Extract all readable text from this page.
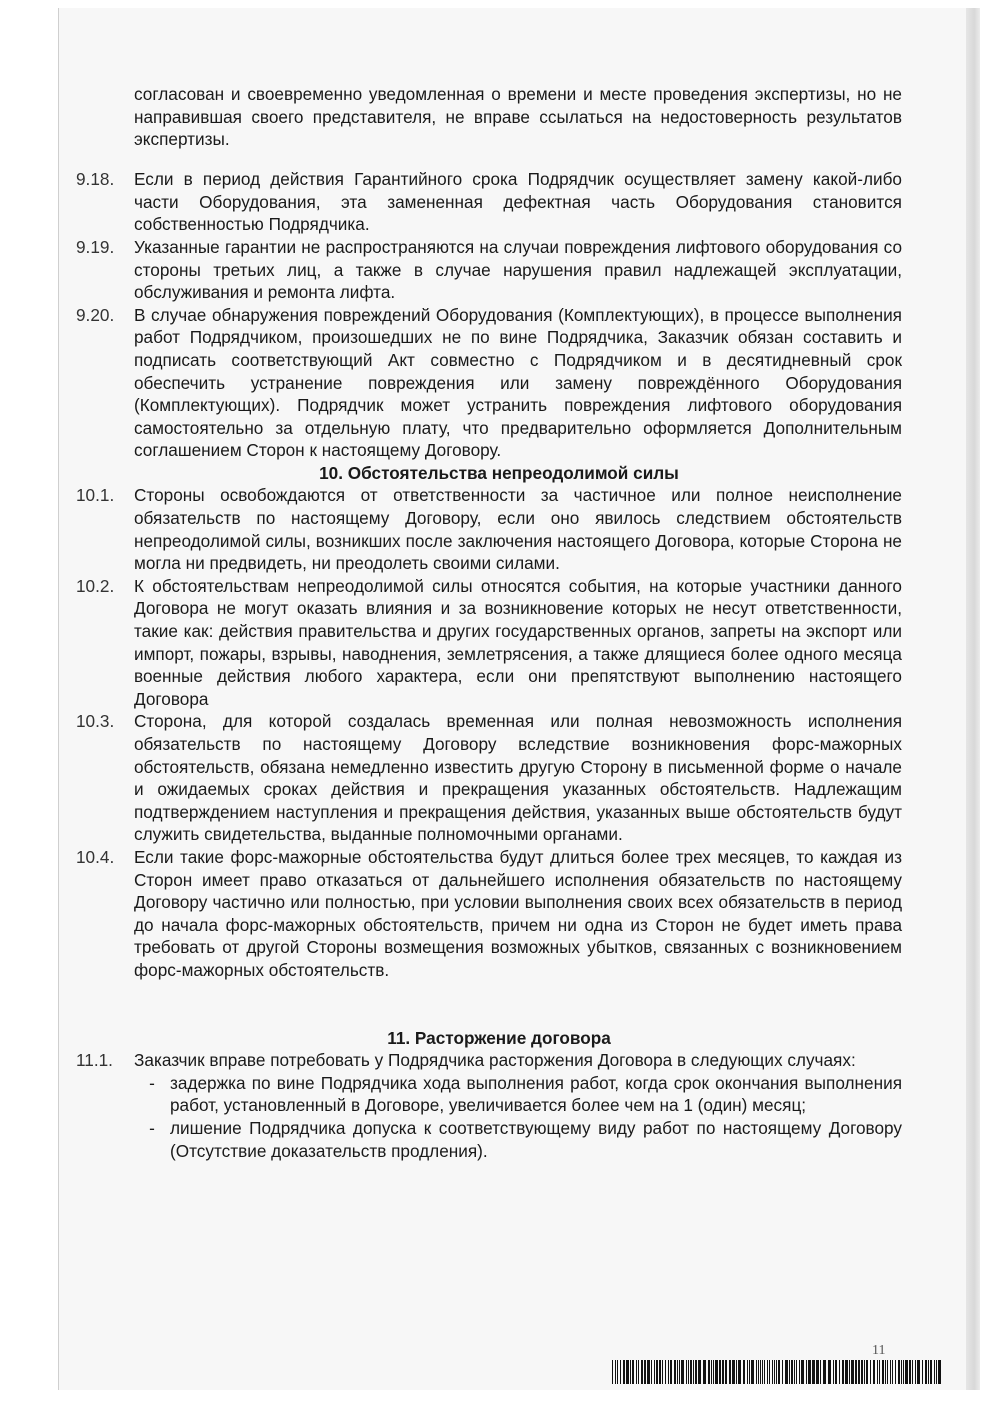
согласован и своевременно уведомленная о времени и месте проведения экспертизы, но не направившая своего представителя, не вправе ссылаться на недостоверность результатов экспертизы.

9.18.	Если в период действия Гарантийного срока Подрядчик осуществляет замену какой-либо части Оборудования, эта замененная дефектная часть Оборудования становится собственностью Подрядчика.
9.19.	Указанные гарантии не распространяются на случаи повреждения лифтового оборудования со стороны третьих лиц, а также в случае нарушения правил надлежащей эксплуатации, обслуживания и ремонта лифта.
9.20.	В случае обнаружения повреждений Оборудования (Комплектующих), в процессе выполнения работ Подрядчиком, произошедших не по вине Подрядчика, Заказчик обязан составить и подписать соответствующий Акт совместно с Подрядчиком и в десятидневный срок обеспечить устранение повреждения или замену повреждённого Оборудования (Комплектующих). Подрядчик может устранить повреждения лифтового оборудования самостоятельно за отдельную плату, что предварительно оформляется Дополнительным соглашением Сторон к настоящему Договору.

10. Обстоятельства непреодолимой силы

10.1.	Стороны освобождаются от ответственности за частичное или полное неисполнение обязательств по настоящему Договору, если оно явилось следствием обстоятельств непреодолимой силы, возникших после заключения настоящего Договора, которые Сторона не могла ни предвидеть, ни преодолеть своими силами.
10.2.	К обстоятельствам непреодолимой силы относятся события, на которые участники данного Договора не могут оказать влияния и за возникновение которых не несут ответственности, такие как: действия правительства и других государственных органов, запреты на экспорт или импорт, пожары, взрывы, наводнения, землетрясения, а также длящиеся более одного месяца военные действия любого характера, если они препятствуют выполнению настоящего Договора
10.3.	Сторона, для которой создалась временная или полная невозможность исполнения обязательств по настоящему Договору вследствие возникновения форс-мажорных обстоятельств, обязана немедленно известить другую Сторону в письменной форме о начале и ожидаемых сроках действия и прекращения указанных обстоятельств. Надлежащим подтверждением наступления и прекращения действия, указанных выше обстоятельств будут служить свидетельства, выданные полномочными органами.
10.4.	Если такие форс-мажорные обстоятельства будут длиться более трех месяцев, то каждая из Сторон имеет право отказаться от дальнейшего исполнения обязательств по настоящему Договору частично или полностью, при условии выполнения своих всех обязательств в период до начала форс-мажорных обстоятельств, причем ни одна из Сторон не будет иметь права требовать от другой Стороны возмещения возможных убытков, связанных с возникновением форс-мажорных обстоятельств.

11. Расторжение договора

11.1.	Заказчик вправе потребовать у Подрядчика расторжения Договора в следующих случаях:
- задержка по вине Подрядчика хода выполнения работ, когда срок окончания выполнения работ, установленный в Договоре, увеличивается более чем на 1 (один) месяц;
- лишение Подрядчика допуска к соответствующему виду работ по настоящему Договору (Отсутствие доказательств продления).
11
